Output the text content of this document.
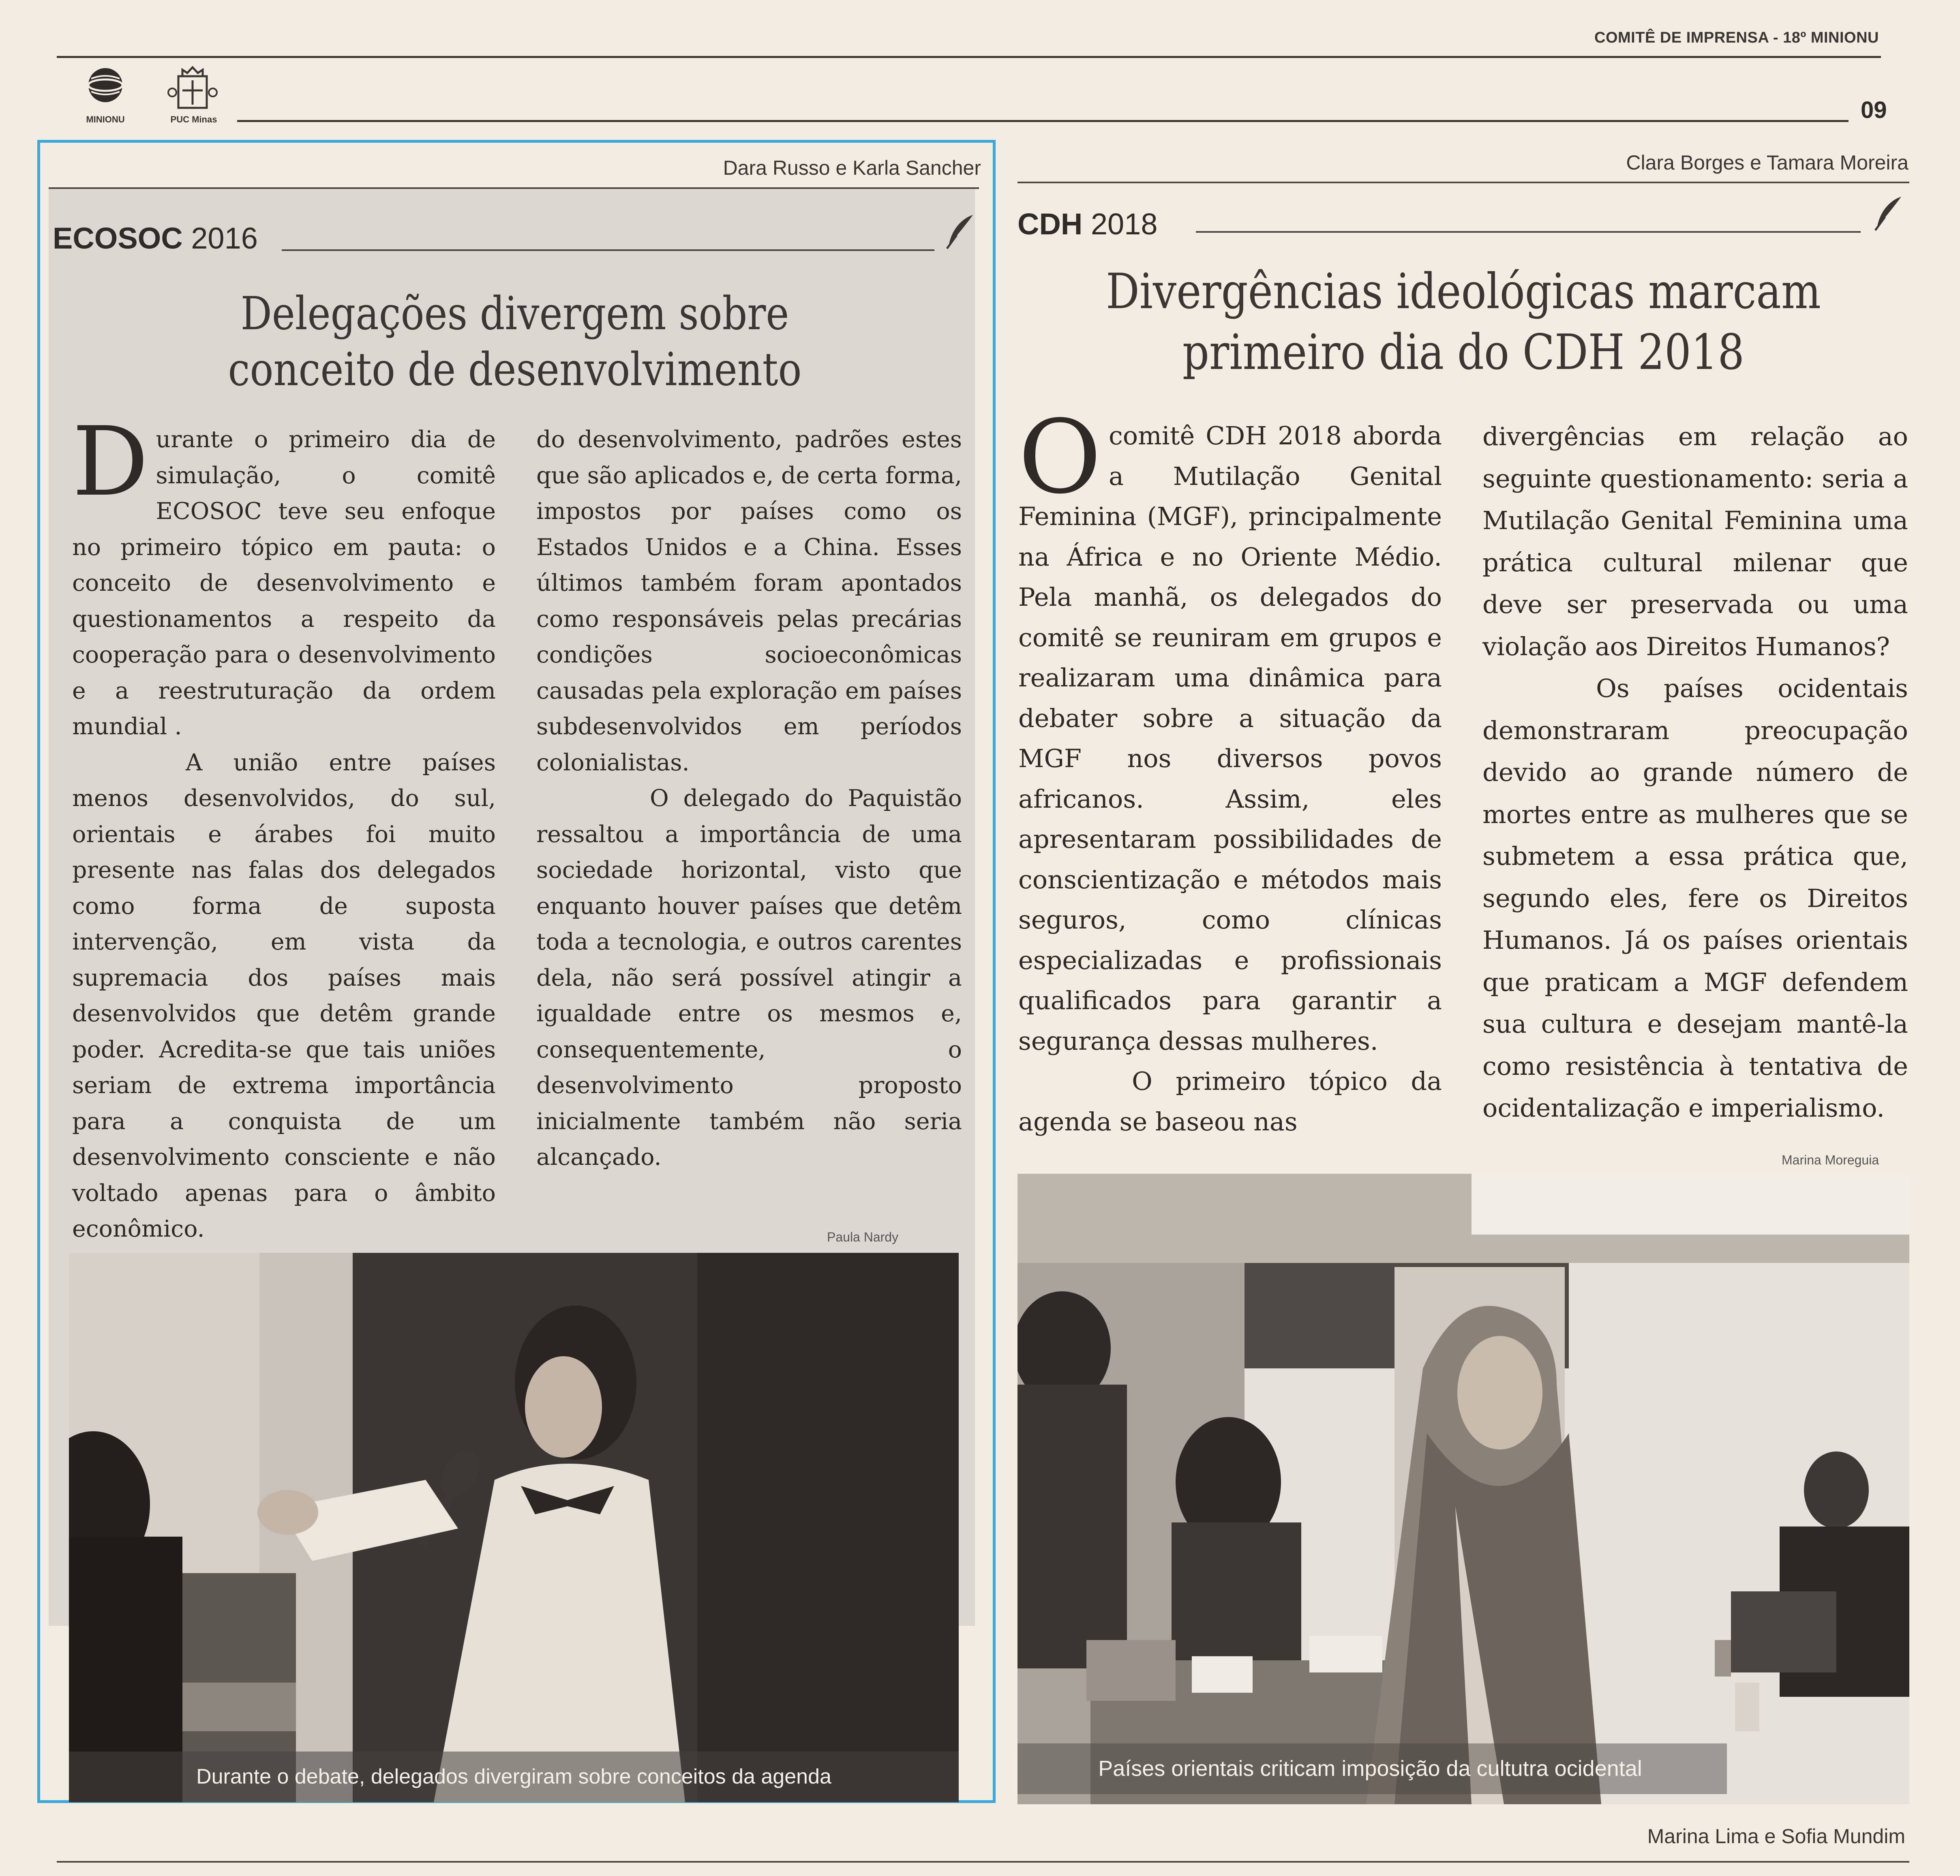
COMITÊ DE IMPRENSA - 18º MINIONU
MINIONU	PUC Minas	09
Dara Russo e Karla Sancher
ECOSOC 2016
Delegações divergem sobre
conceito de desenvolvimento
D urante o primeiro dia de simulação, o comitê ECOSOC teve seu enfoque no primeiro tópico em pauta: o conceito de desenvolvimento e questionamentos a respeito da cooperação para o desenvolvimento e a reestruturação da ordem mundial .

A união entre países menos desenvolvidos, do sul, orientais e árabes foi muito presente nas falas dos delegados como forma de suposta intervenção, em vista da supremacia dos países mais desenvolvidos que detêm grande poder. Acredita-se que tais uniões seriam de extrema importância para a conquista de um desenvolvimento consciente e não voltado apenas para o âmbito econômico.

do desenvolvimento, padrões estes que são aplicados e, de certa forma, impostos por países como os Estados Unidos e a China. Esses últimos também foram apontados como responsáveis pelas precárias condições socioeconômicas causadas pela exploração em países subdesenvolvidos em períodos colonialistas.

O delegado do Paquistão ressaltou a importância de uma sociedade horizontal, visto que enquanto houver países que detêm toda a tecnologia, e outros carentes dela, não será possível atingir a igualdade entre os mesmos e, consequentemente, o desenvolvimento proposto inicialmente também não seria alcançado.

Paula Nardy
Durante o debate, delegados divergiram sobre conceitos da agenda
Clara Borges e Tamara Moreira
CDH 2018
Divergências ideológicas marcam
primeiro dia do CDH 2018
O comitê CDH 2018 aborda a Mutilação Genital Feminina (MGF), principalmente na África e no Oriente Médio. Pela manhã, os delegados do comitê se reuniram em grupos e realizaram uma dinâmica para debater sobre a situação da MGF nos diversos povos africanos. Assim, eles apresentaram possibilidades de conscientização e métodos mais seguros, como clínicas especializadas e profissionais qualificados para garantir a segurança dessas mulheres.

O primeiro tópico da agenda se baseou nas

divergências em relação ao seguinte questionamento: seria a Mutilação Genital Feminina uma prática cultural milenar que deve ser preservada ou uma violação aos Direitos Humanos?

Os países ocidentais demonstraram preocupação devido ao grande número de mortes entre as mulheres que se submetem a essa prática que, segundo eles, fere os Direitos Humanos. Já os países orientais que praticam a MGF defendem sua cultura e desejam mantê-la como resistência à tentativa de ocidentalização e imperialismo.

Marina Moreguia
Países orientais criticam imposição da cultutra ocidental
Marina Lima e Sofia Mundim
